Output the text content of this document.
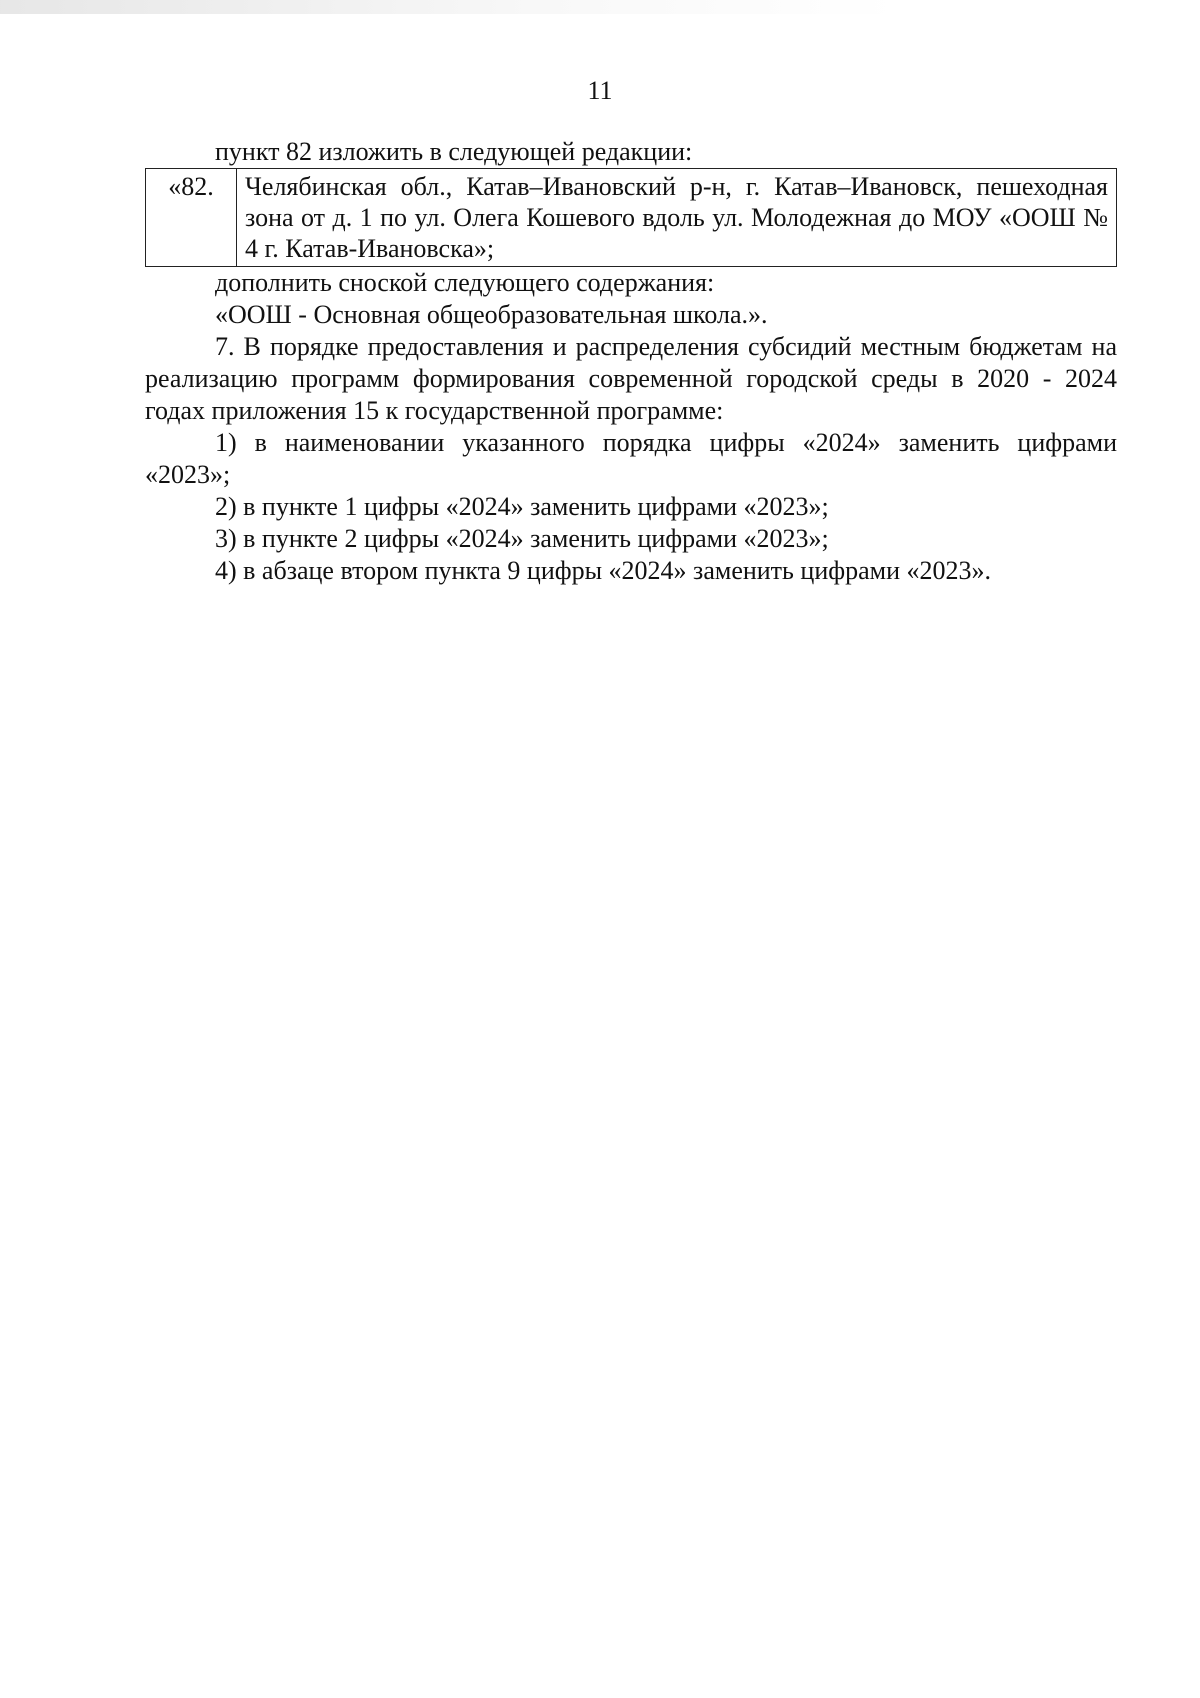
11

пункт 82 изложить в следующей редакции:

«82.	Челябинская обл., Катав–Ивановский р-н, г. Катав–Ивановск, пешеходная зона от д. 1 по ул. Олега Кошевого вдоль ул. Молодежная до МОУ «ООШ № 4 г. Катав-Ивановска»;

дополнить сноской следующего содержания:

«ООШ - Основная общеобразовательная школа.».

7. В порядке предоставления и распределения субсидий местным бюджетам на реализацию программ формирования современной городской среды в 2020 - 2024 годах приложения 15 к государственной программе:

1) в наименовании указанного порядка цифры «2024» заменить цифрами «2023»;

2) в пункте 1 цифры «2024» заменить цифрами «2023»;

3) в пункте 2 цифры «2024» заменить цифрами «2023»;

4) в абзаце втором пункта 9 цифры «2024» заменить цифрами «2023».
